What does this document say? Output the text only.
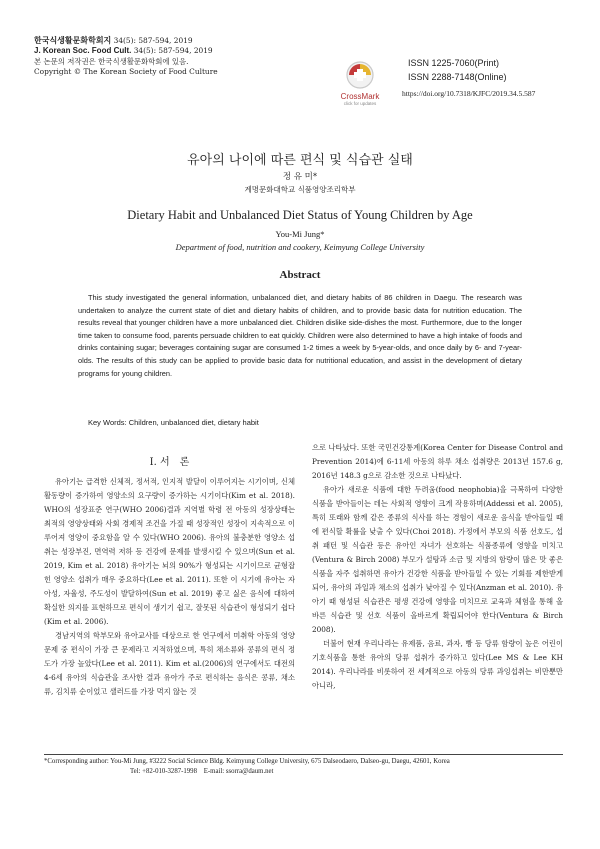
한국식생활문화학회지 34(5): 587-594, 2019
J. Korean Soc. Food Cult. 34(5): 587-594, 2019
본 논문의 저작권은 한국식생활문화학회에 있음.
Copyright © The Korean Society of Food Culture
CrossMark
click for updates
ISSN 1225-7060(Print)
ISSN 2288-7148(Online)
https://doi.org/10.7318/KJFC/2019.34.5.587
유아의 나이에 따른 편식 및 식습관 실태
정 유 미*
계명문화대학교 식품영양조리학부
Dietary Habit and Unbalanced Diet Status of Young Children by Age
You-Mi Jung*
Department of food, nutrition and cookery, Keimyung College University
Abstract
This study investigated the general information, unbalanced diet, and dietary habits of 86 children in Daegu. The research was undertaken to analyze the current state of diet and dietary habits of children, and to provide basic data for nutrition education. The results reveal that younger children have a more unbalanced diet. Children dislike side-dishes the most. Furthermore, due to the longer time taken to consume food, parents persuade children to eat quickly. Children were also determined to have a high intake of foods and drinks containing sugar; beverages containing sugar are consumed 1-2 times a week by 5-year-olds, and once daily by 6- and 7-year-olds. The results of this study can be applied to provide basic data for nutritional education, and assist in the development of dietary programs for young children.
Key Words: Children, unbalanced diet, dietary habit
I. 서　론

유아기는 급격한 신체적, 정서적, 인지적 발달이 이루어지는 시기이며, 신체 활동량이 증가하여 영양소의 요구량이 증가하는 시기이다(Kim et al. 2018). WHO의 성장표준 연구(WHO 2006)결과 지역별 학령 전 아동의 성장상태는 최적의 영양상태와 사회 경제적 조건을 가질 때 성장적인 성장이 지속적으로 이루어져 영양이 중요함을 알 수 있다(WHO 2006). 유아의 불충분한 영양소 섭취는 성장부진, 면역력 저하 등 건강에 문제를 발생시킬 수 있으며(Sun et al. 2019, Kim et al. 2018) 유아기는 뇌의 90%가 형성되는 시기이므로 균형잡힌 영양소 섭취가 매우 중요하다(Lee et al. 2011). 또한 이 시기에 유아는 자아성, 자율성, 주도성이 발달하여(Sun et al. 2019) 좋고 싫은 음식에 대하여 확실한 의지를 표현하므로 편식이 생기기 쉽고, 잘못된 식습관이 형성되기 쉽다(Kim et al. 2006).

경남지역의 학부모와 유아교사를 대상으로 한 연구에서 미취학 아동의 영양문제 중 편식이 가장 큰 문제라고 지적하였으며, 특히 채소류와 콩류의 편식 정도가 가장 높았다(Lee et al. 2011). Kim et al.(2006)의 연구에서도 대전의 4-6세 유아의 식습관을 조사한 결과 유아가 주로 편식하는 음식은 콩류, 채소류, 김치류 순이었고 샐러드를 가장 먹지 않는 것

으로 나타났다. 또한 국민건강통계(Korea Center for Disease Control and Prevention 2014)에 6-11세 아동의 하루 채소 섭취량은 2013년 157.6 g, 2016년 148.3 g으로 감소한 것으로 나타났다.

유아가 새로운 식품에 대한 두려움(food neophobia)을 극복하여 다양한 식품을 받아들이는 데는 사회적 영향이 크게 작용하며(Addessi et al. 2005), 특히 또래와 함께 같은 종류의 식사를 하는 경험이 새로운 음식을 받아들일 때에 편식할 확률을 낮출 수 있다(Choi 2018). 가정에서 부모의 식품 선호도, 섭취 패턴 및 식습관 등은 유아인 자녀가 선호하는 식품종류에 영향을 미치고(Ventura & Birch 2008) 부모가 설탕과 소금 및 지방의 함량이 많은 맛 좋은 식품을 자주 섭취하면 유아가 건강한 식품을 받아들일 수 있는 기회를 제한받게 되어, 유아의 과일과 채소의 섭취가 낮아질 수 있다(Anzman et al. 2010). 유아기 때 형성된 식습관은 평생 건강에 영향을 미치므로 교육과 체험을 통해 올바른 식습관 및 선호 식품이 올바르게 확립되어야 한다(Ventura & Birch 2008).

더불어 현재 우리나라는 유제품, 음료, 과자, 빵 등 당류 함량이 높은 어린이 기호식품을 통한 유아의 당류 섭취가 증가하고 있다(Lee MS & Lee KH 2014). 우리나라를 비롯하여 전 세계적으로 아동의 당류 과잉섭취는 비만뿐만 아니라,

*Corresponding author: You-Mi Jung, #3222 Social Science Bldg. Keimyung College University, 675 Dalseodaero, Dalseo-gu, Daegu, 42601, Korea
Tel: +82-010-3287-1998　E-mail: ssorra@daum.net
